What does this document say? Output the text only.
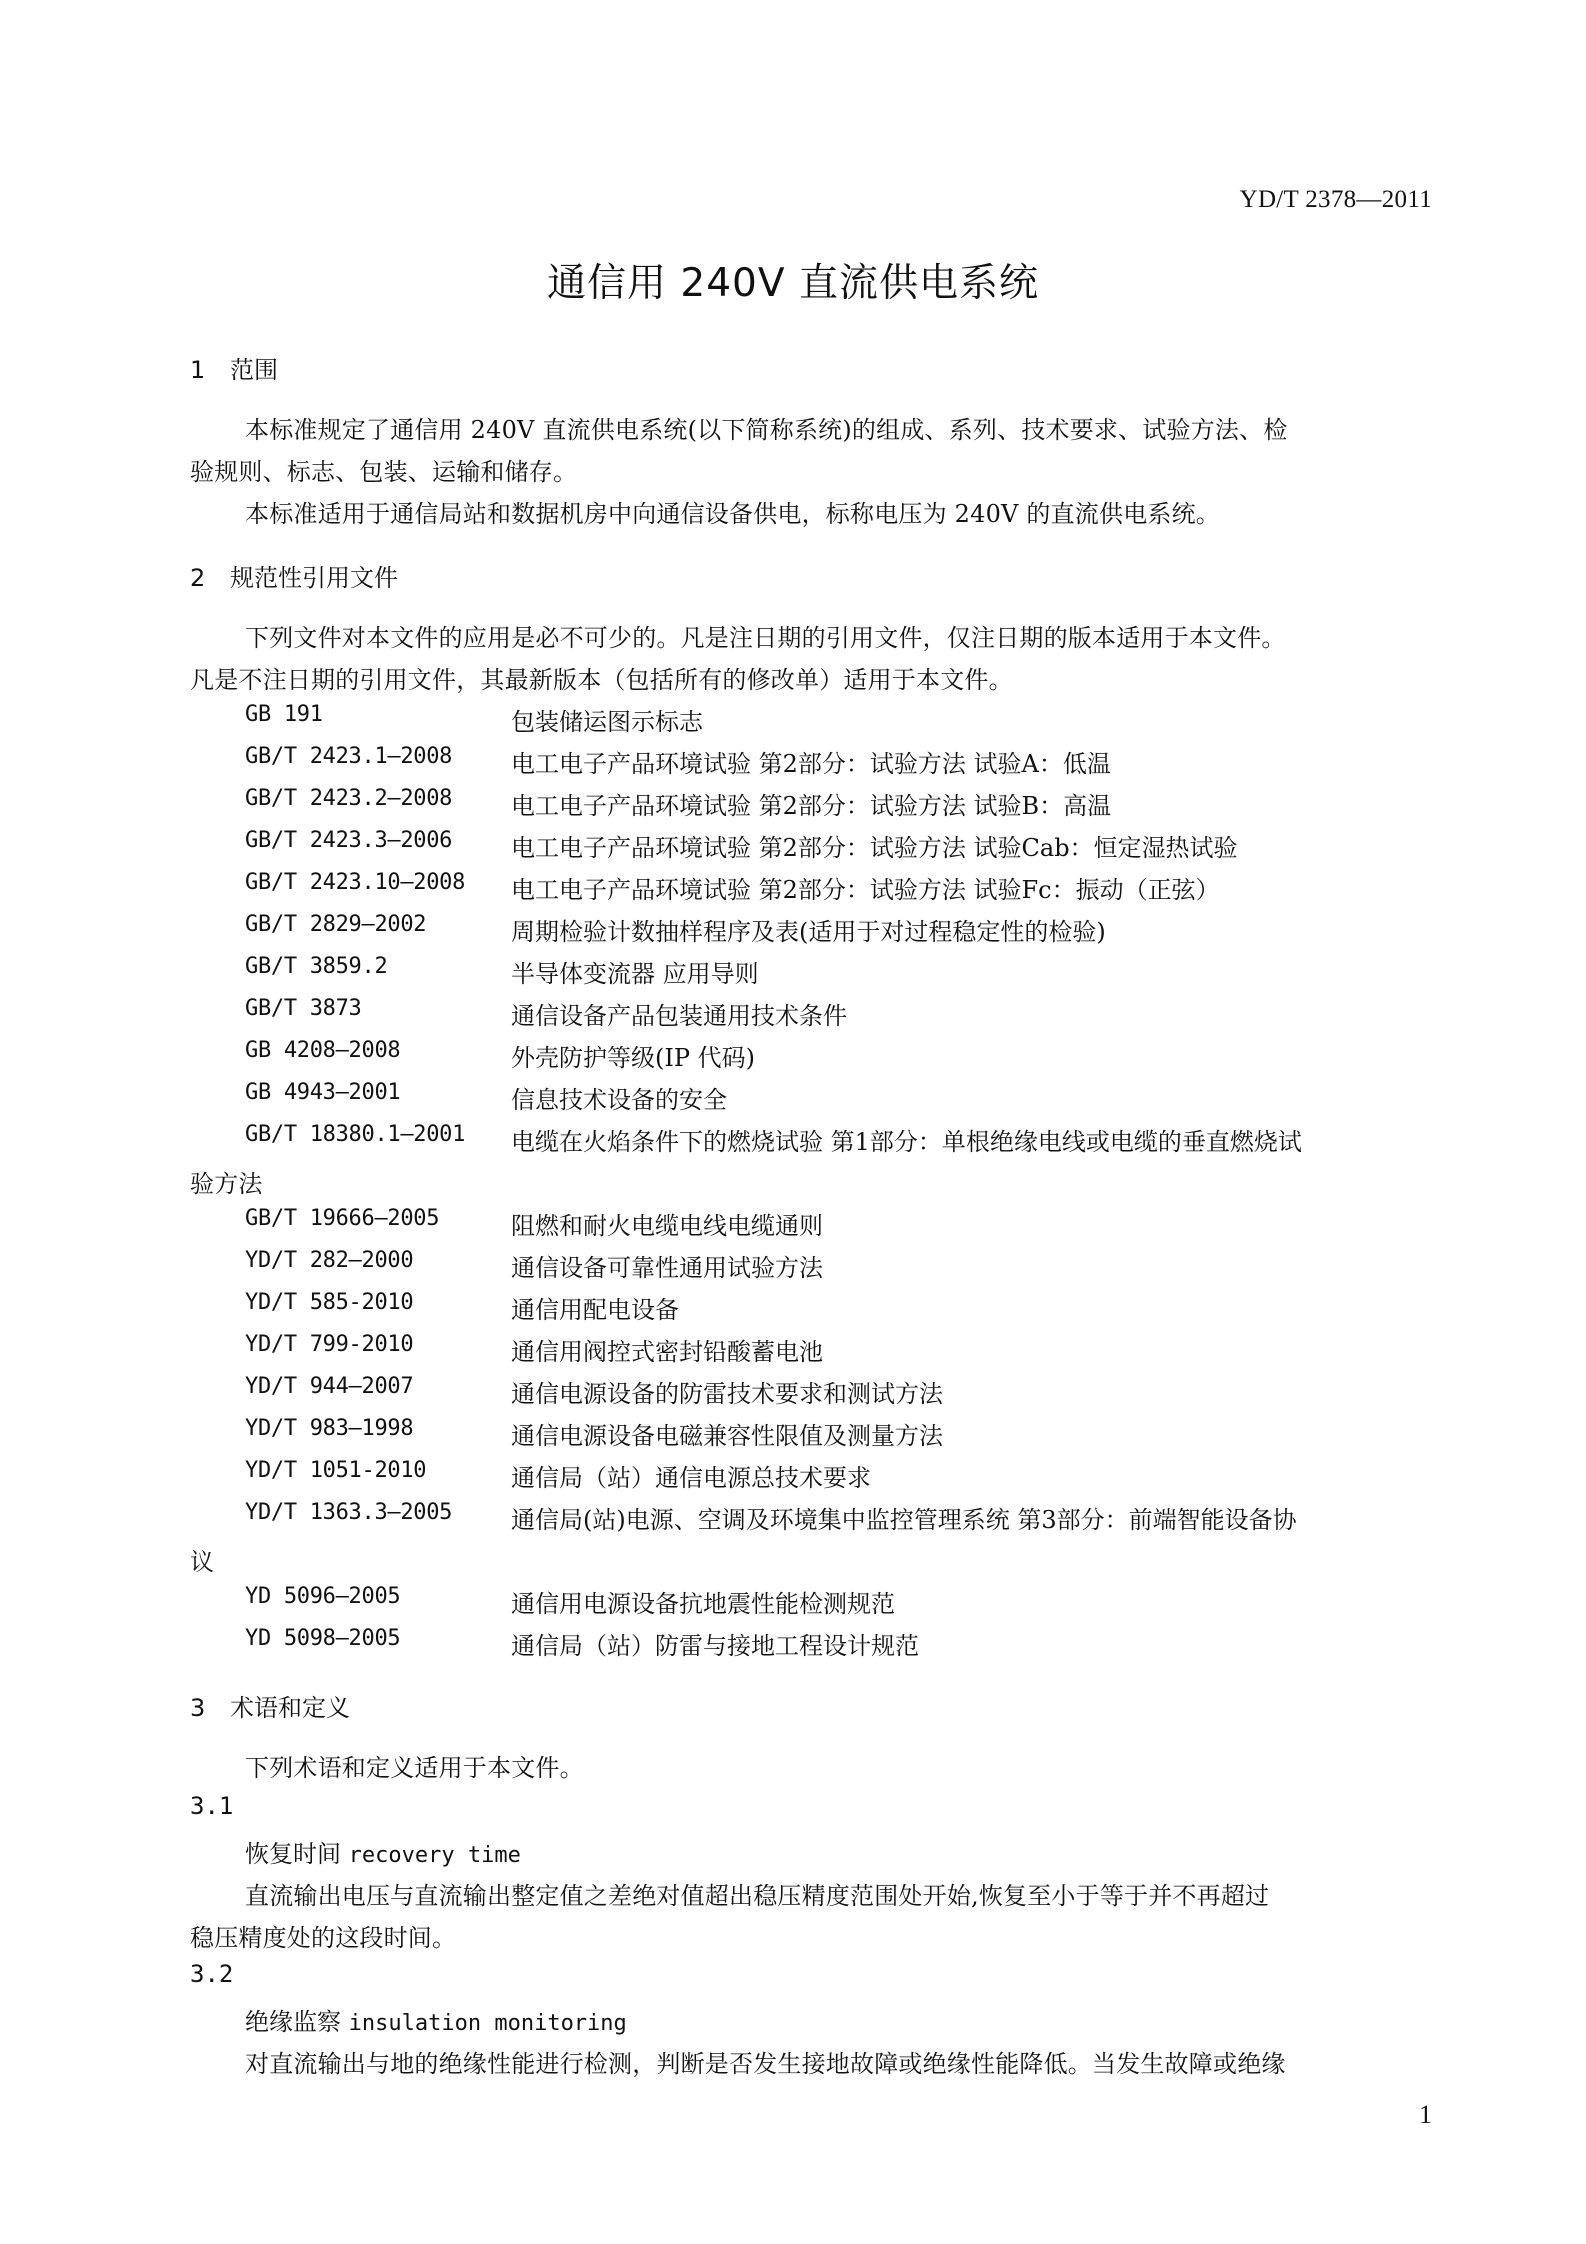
YD/T 2378—2011
通信用 240V 直流供电系统
1 范围
本标准规定了通信用 240V 直流供电系统(以下简称系统)的组成、系列、技术要求、试验方法、检
验规则、标志、包装、运输和储存。
本标准适用于通信局站和数据机房中向通信设备供电，标称电压为 240V 的直流供电系统。
2 规范性引用文件
下列文件对本文件的应用是必不可少的。凡是注日期的引用文件，仅注日期的版本适用于本文件。
凡是不注日期的引用文件，其最新版本（包括所有的修改单）适用于本文件。
GB 191	包装储运图示标志
GB/T 2423.1—2008 电工电子产品环境试验 第2部分：试验方法 试验A：低温
GB/T 2423.2—2008 电工电子产品环境试验 第2部分：试验方法 试验B：高温
GB/T 2423.3—2006 电工电子产品环境试验 第2部分：试验方法 试验Cab：恒定湿热试验
GB/T 2423.10—2008 电工电子产品环境试验 第2部分：试验方法 试验Fc：振动（正弦）
GB/T 2829—2002	周期检验计数抽样程序及表(适用于对过程稳定性的检验)
GB/T 3859.2	半导体变流器 应用导则
GB/T 3873	通信设备产品包装通用技术条件
GB 4208—2008	外壳防护等级(IP 代码)
GB 4943—2001	信息技术设备的安全
GB/T 18380.1—2001 电缆在火焰条件下的燃烧试验 第1部分：单根绝缘电线或电缆的垂直燃烧试
验方法
GB/T 19666—2005	阻燃和耐火电缆电线电缆通则
YD/T 282—2000	通信设备可靠性通用试验方法
YD/T 585-2010	通信用配电设备
YD/T 799-2010	通信用阀控式密封铅酸蓄电池
YD/T 944—2007	通信电源设备的防雷技术要求和测试方法
YD/T 983—1998	通信电源设备电磁兼容性限值及测量方法
YD/T 1051-2010	通信局（站）通信电源总技术要求
YD/T 1363.3—2005 通信局(站)电源、空调及环境集中监控管理系统 第3部分：前端智能设备协
议
YD 5096—2005	通信用电源设备抗地震性能检测规范
YD 5098—2005	通信局（站）防雷与接地工程设计规范
3 术语和定义
下列术语和定义适用于本文件。
3.1
恢复时间 recovery time
直流输出电压与直流输出整定值之差绝对值超出稳压精度范围处开始,恢复至小于等于并不再超过
稳压精度处的这段时间。
3.2
绝缘监察 insulation monitoring
对直流输出与地的绝缘性能进行检测，判断是否发生接地故障或绝缘性能降低。当发生故障或绝缘
1
